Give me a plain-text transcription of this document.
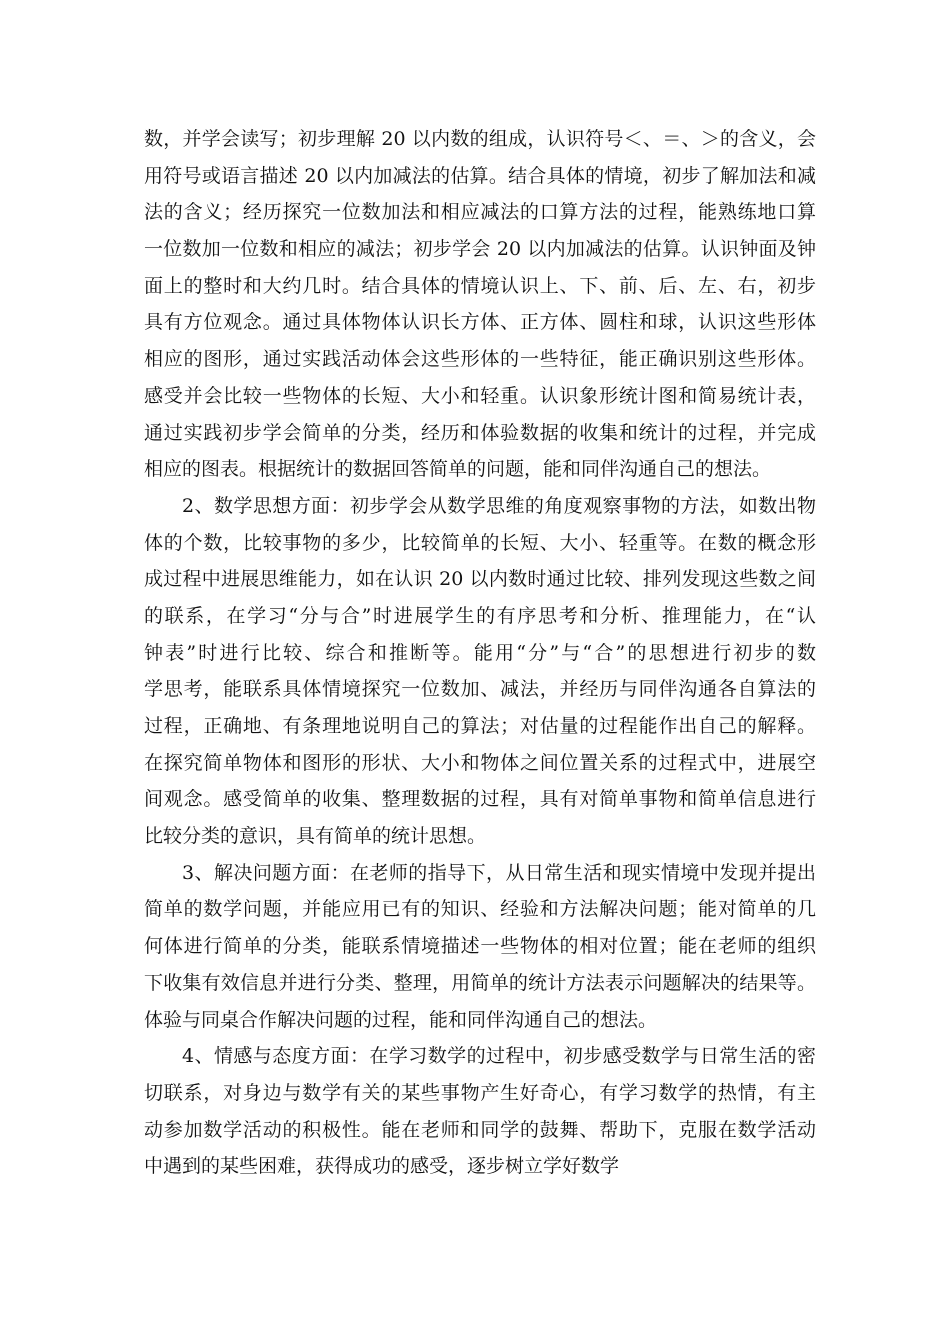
数，并学会读写；初步理解 20 以内数的组成，认识符号＜、＝、＞的含义，会
用符号或语言描述 20 以内加减法的估算。结合具体的情境，初步了解加法和减
法的含义；经历探究一位数加法和相应减法的口算方法的过程，能熟练地口算
一位数加一位数和相应的减法；初步学会 20 以内加减法的估算。认识钟面及钟
面上的整时和大约几时。结合具体的情境认识上、下、前、后、左、右，初步
具有方位观念。通过具体物体认识长方体、正方体、圆柱和球，认识这些形体
相应的图形，通过实践活动体会这些形体的一些特征，能正确识别这些形体。
感受并会比较一些物体的长短、大小和轻重。认识象形统计图和简易统计表，
通过实践初步学会简单的分类，经历和体验数据的收集和统计的过程，并完成
相应的图表。根据统计的数据回答简单的问题，能和同伴沟通自己的想法。
2、数学思想方面：初步学会从数学思维的角度观察事物的方法，如数出物
体的个数，比较事物的多少，比较简单的长短、大小、轻重等。在数的概念形
成过程中进展思维能力，如在认识 20 以内数时通过比较、排列发现这些数之间
的联系，在学习“分与合”时进展学生的有序思考和分析、推理能力，在“认
钟表”时进行比较、综合和推断等。能用“分”与“合”的思想进行初步的数
学思考，能联系具体情境探究一位数加、减法，并经历与同伴沟通各自算法的
过程，正确地、有条理地说明自己的算法；对估量的过程能作出自己的解释。
在探究简单物体和图形的形状、大小和物体之间位置关系的过程式中，进展空
间观念。感受简单的收集、整理数据的过程，具有对简单事物和简单信息进行
比较分类的意识，具有简单的统计思想。
3、解决问题方面：在老师的指导下，从日常生活和现实情境中发现并提出
简单的数学问题，并能应用已有的知识、经验和方法解决问题；能对简单的几
何体进行简单的分类，能联系情境描述一些物体的相对位置；能在老师的组织
下收集有效信息并进行分类、整理，用简单的统计方法表示问题解决的结果等。
体验与同桌合作解决问题的过程，能和同伴沟通自己的想法。
4、情感与态度方面：在学习数学的过程中，初步感受数学与日常生活的密
切联系，对身边与数学有关的某些事物产生好奇心，有学习数学的热情，有主
动参加数学活动的积极性。能在老师和同学的鼓舞、帮助下，克服在数学活动
中遇到的某些困难，获得成功的感受，逐步树立学好数学
